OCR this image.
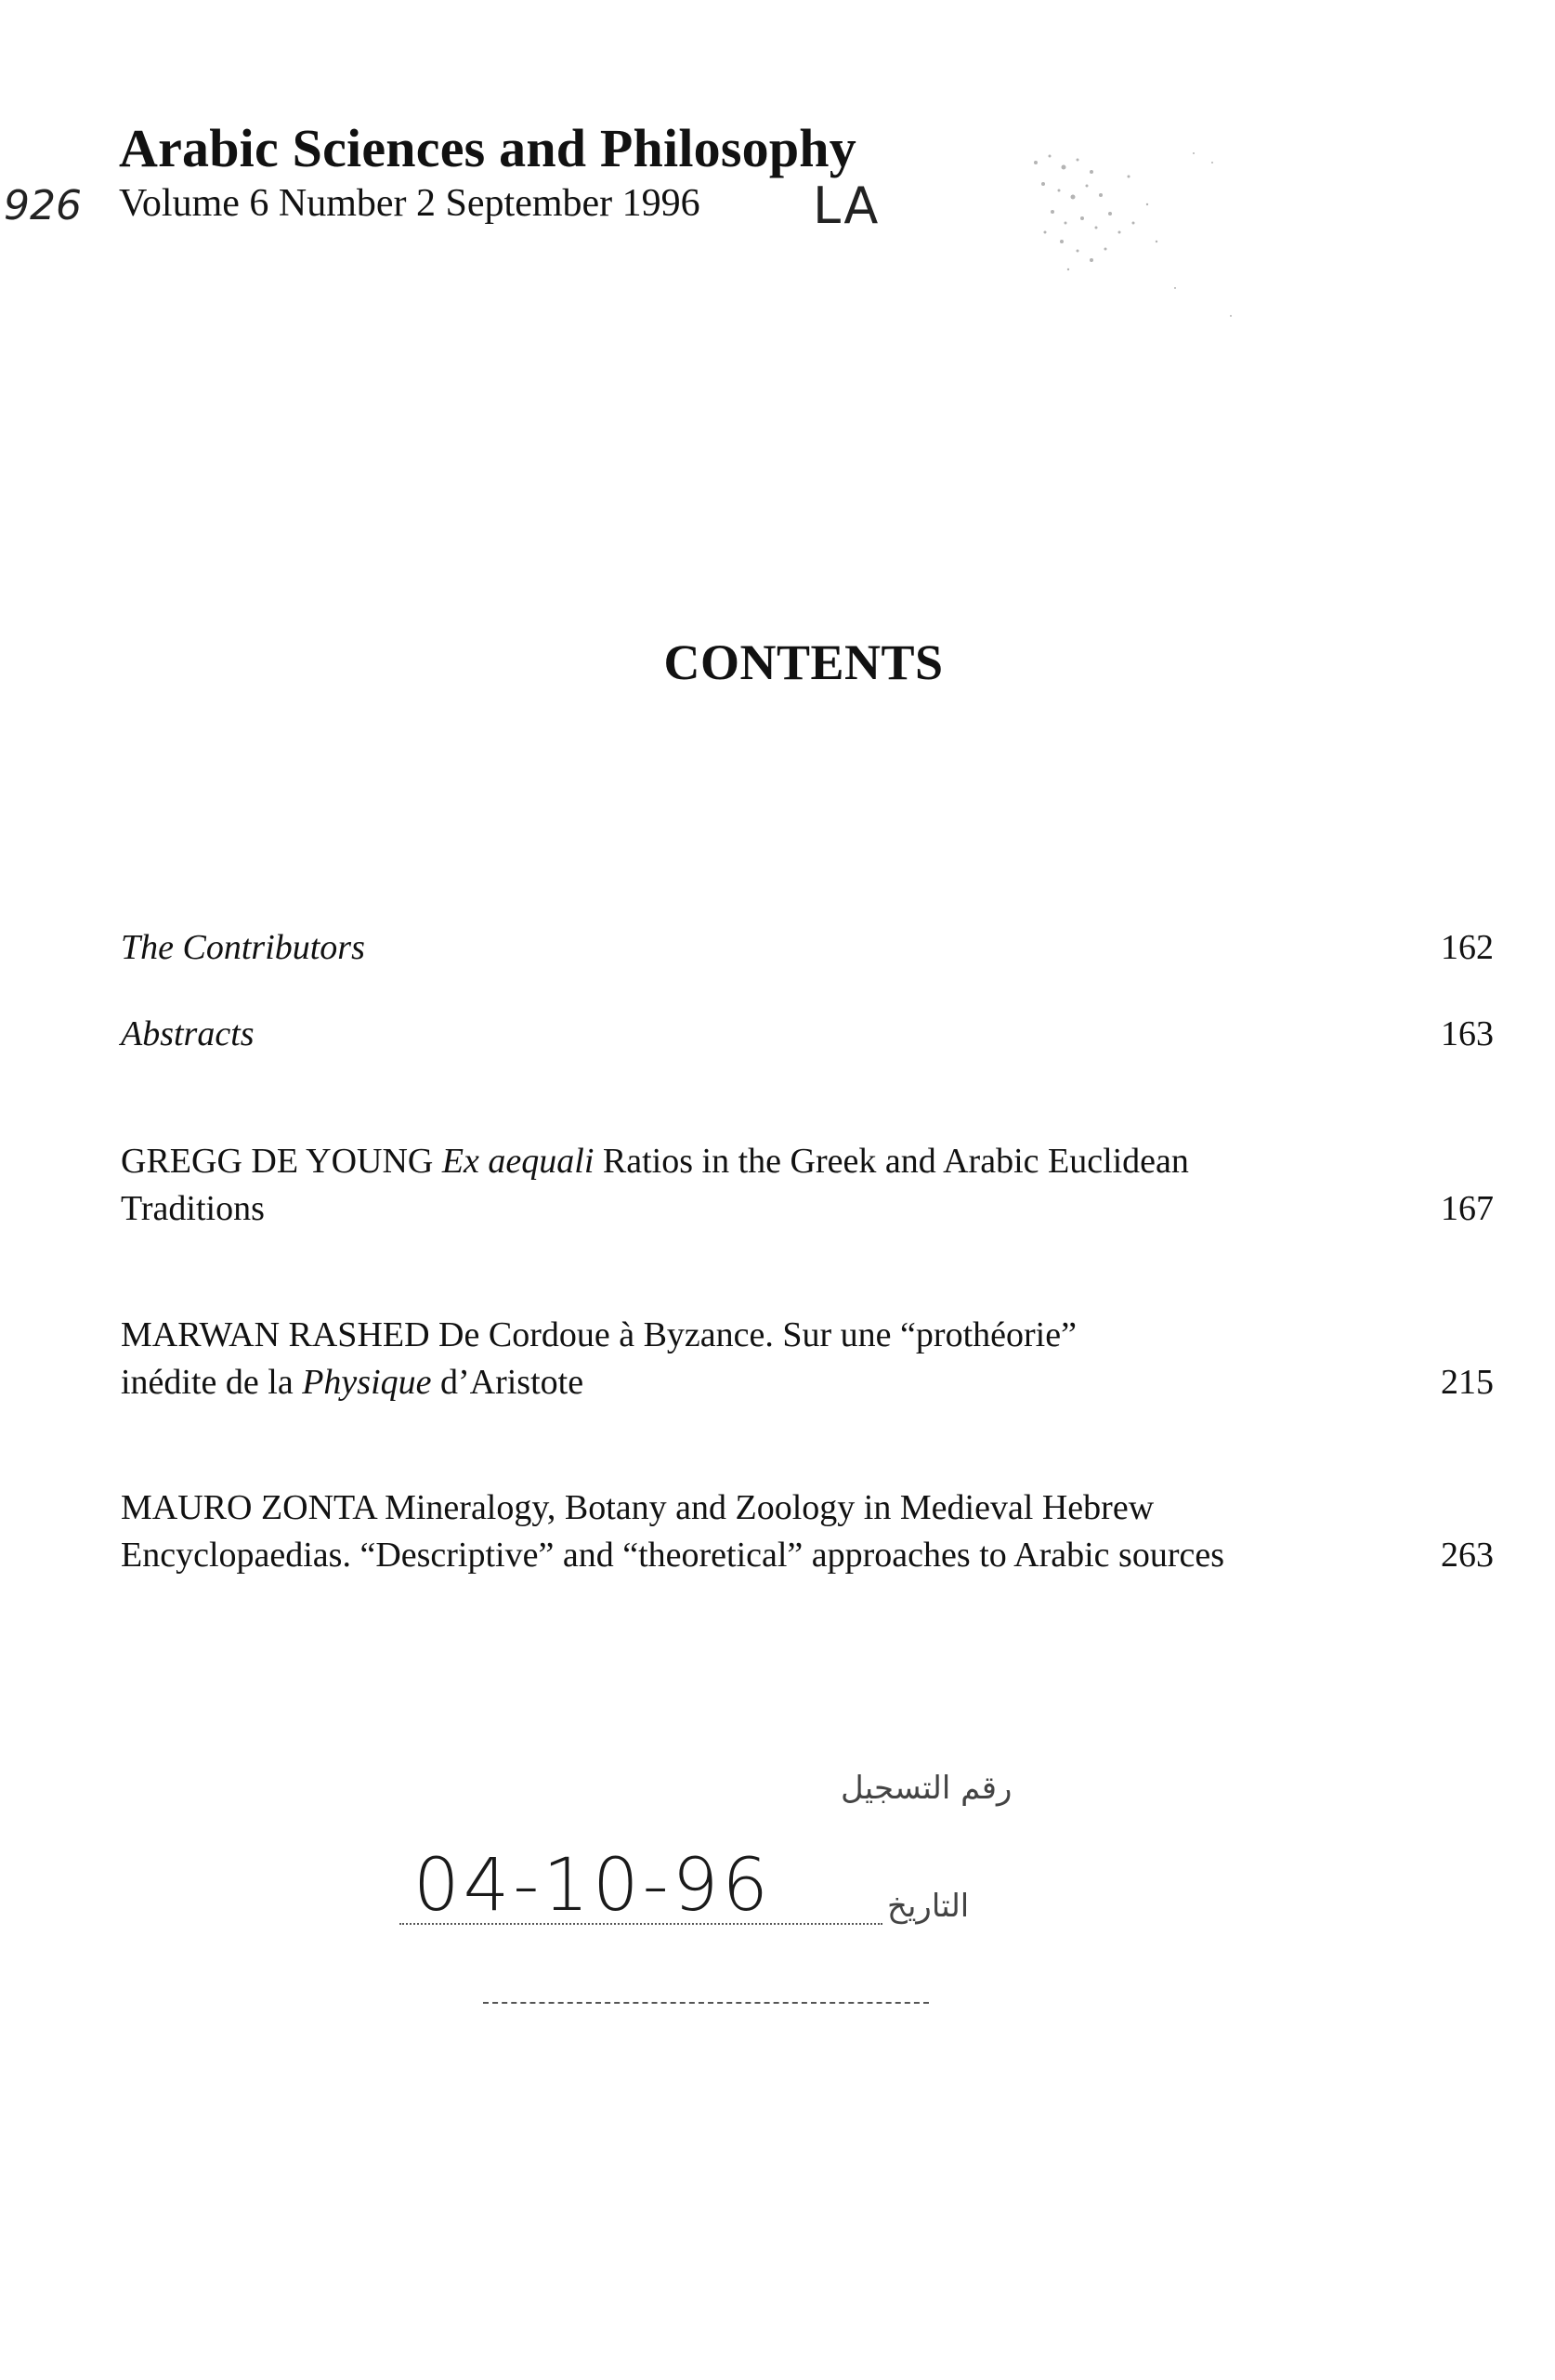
Arabic Sciences and Philosophy
926 Volume 6 Number 2 September 1996 LA
CONTENTS
The Contributors	162
Abstracts	163
GREGG DE YOUNG Ex aequali Ratios in the Greek and Arabic Euclidean
Traditions	167
MARWAN RASHED De Cordoue à Byzance. Sur une “prothéorie”
inédite de la Physique d’Aristote	215
MAURO ZONTA Mineralogy, Botany and Zoology in Medieval Hebrew
Encyclopaedias. “Descriptive” and “theoretical” approaches to Arabic sources	263
رقم التسجيل
04-10-96	التاريخ
